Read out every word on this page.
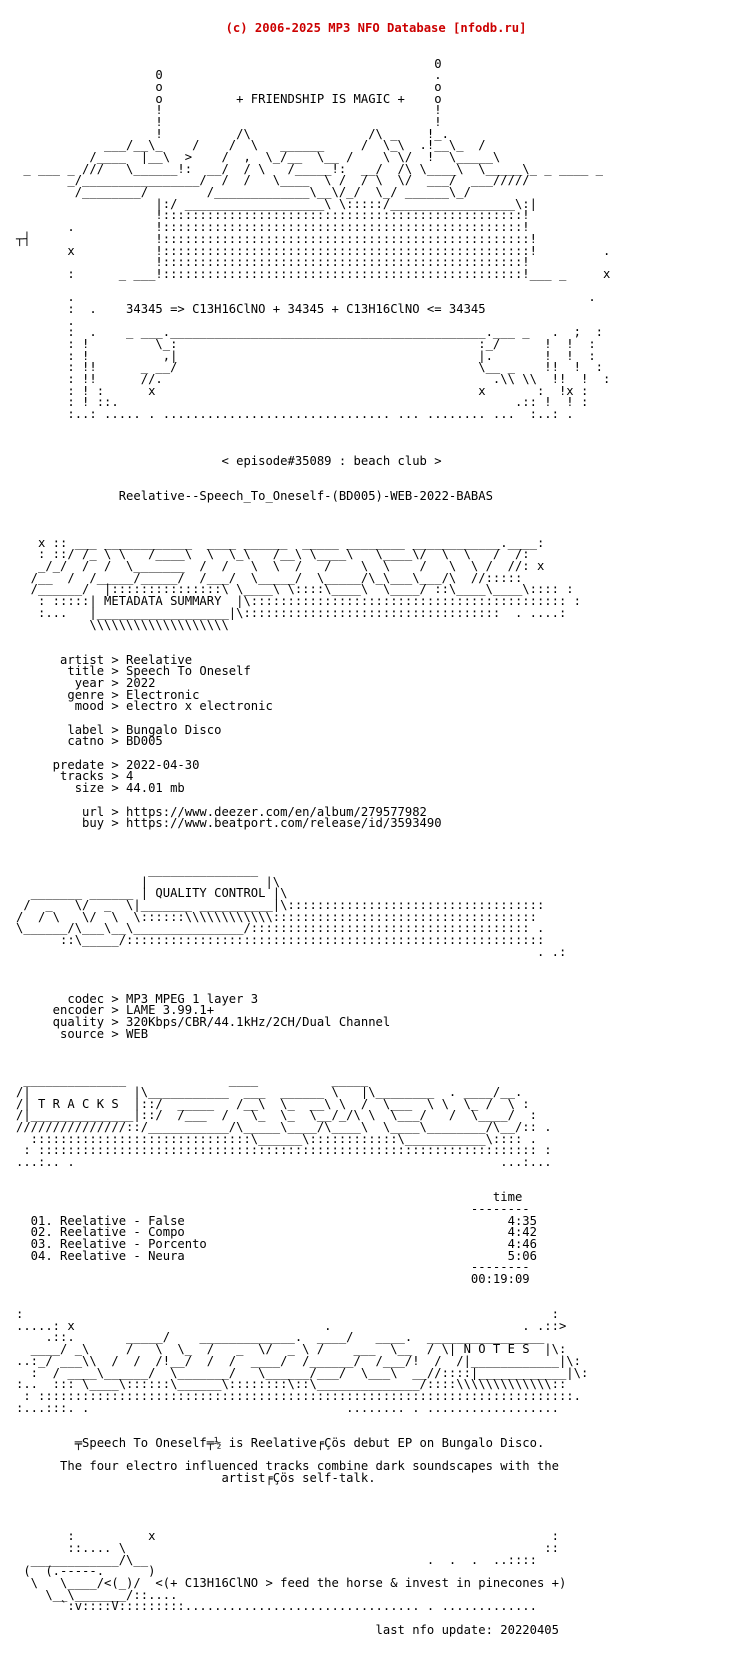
(c) 2006-2025 MP3 NFO Database [nfodb.ru]

0
0                                     .
o                                     o
o          + FRIENDSHIP IS MAGIC +    o
!                                     !
!                                     !
!          /\                /\ _    !_.
___/__\_    /    /  \   ______     /  \_\  .!__\_  /
/____  |__\  >    /  ,  \_/__  \__ /    \ \/  !  \_____\
_ ___ _ ///   \______!:  __/  / \   /_____!:  __/  /\ \____\  \_____\_ _ ____ _
_/________________/  /  /   \____  \ /  / \  \/  ___/  ___/////
/________/        /_____________\__\/_/  \_/ ______\_/
|:/ ___________________\ \:::::/_________________\:|
!:::::::::::::::::::::::::::::::::::::::::::::::::!
.           !:::::::::::::::::::::::::::::::::::::::::::::::::!
┬┤                 !::::::::::::::::::::::::::::::::::::::::::::::::::!
x           !::::::::::::::::::::::::::::::::::::::::::::::::::!         .
!:::::::::::::::::::::::::::::::::::::::::::::::::!
:      _ ___!:::::::::::::::::::::::::::::::::::::::::::::::::!___ _     x

.                                                                      .
:  .    34345 => C13H16ClNO + 34345 + C13H16ClNO <= 34345
.
:  .    _ ___.___________________________________________.___ _   .  ;  :
: !         \_:                                         :_/      !  !  :
: !          ,|                                         |.       !  !  :
: !!      _ __/                                         \__ _    !!  !  :
: !!      //.                                             .\\ \\  !!  !  :
: ! :      x                                            x       :  !x :
: ! ::.                                                      .:: !  ! :
:..: ..... . ............................... ... ........ ...  :..: .

< episode#35089 : beach club >

Reelative--Speech_To_Oneself-(BD005)-WEB-2022-BABAS

x :: ___ ____________  ____ ______  _____ ________ ____________.____:
: ::/ /_ \ \   /____\  \  \_\   /__\ \____\   \____\/  \  \   /  /:
_/_/  /  /  \_______  /  /   \  \  /   /    \  \    /   \  \ /  //: x
/__  /  /_____/_____/  /___/  \_____/  \_____/\_\___\___/\  //:::::
/______/  |:::::::::::::::\ \____\ \::::\____\  \____/ ::\____\____\:::: :
: :::::| METADATA SUMMARY  |\::::::::::::::::::::::::::::::::::::::::::: :
:...   |__________________|\:::::::::::::::::::::::::::::::::::  . ....:
\\\\\\\\\\\\\\\\\\\

artist > Reelative
title > Speech To Oneself
year > 2022
genre > Electronic
mood > electro x electronic

label > Bungalo Disco
catno > BD005

predate > 2022-04-30
tracks > 4
size > 44.01 mb

url > https://www.deezer.com/en/album/279577982
buy > https://www.beatport.com/release/id/3593490

_______________
|                |\
_______ ______ | QUALITY CONTROL |\
/  _   \/  _  \|_______ __________|\:::::::::::::::::::::::::::::::::::
/  / \   \/  \  \::::::\\\\\\\\\\\\::::::::::::::::::::::::::::::::::::
\______/\___\__\_______________/:::::::::::::::::::::::::::::::::::::: .
::\_____/:::::::::::::::::::::::::::::::::::::::::::::::::::::::::
. .:

codec > MP3 MPEG 1 layer 3
encoder > LAME 3.99.1+
quality > 320Kbps/CBR/44.1kHz/2CH/Dual Channel
source > WEB

______________              ____          _____
/|              |\___________  ___  ______ \   |\________  . ____/__.
/| T R A C K S  |::/  _____   /__\  \_  __\ \  /  \___  \ \  \_ /  \ :
/|______________|::/  /___  /   \_  \_  \__/_/\ \  \___/   /  \____/  :
///////////////::/___________/\_____\____/\____\  \____\________/\__/:: .
::::::::::::::::::::::::::::::\______\::::::::::::\___________\:::: .
: :::::::::::::::::::::::::::::::::::::::::::::::::::::::::::::::::::: :
...:.. .                                                          ...:...

time
--------
01. Reelative - False                                            4:35
02. Reelative - Compo                                            4:42
03. Reelative - Porcento                                         4:46
04. Reelative - Neura                                            5:06
--------
00:19:09

:                                                                        :
.....: x                                  .                          . .::>
.::.       _____/    _____________.  ____/   ____.  ________________
____/ _\     /   \  \_  /   _  \/  _ \ /    ___  \__  / \| N O T E S  |\:
..:_/ ___\\  /  /  /!__/  /  /  ____/  /______/  /___/!  /  /|____________|\:
:  / ____\______/  \_______/   \______/___/  \___\  __//::::|____________|\:
:..  ::: \____\::::::\______\::::::::\::\______________/::::\\\\\\\\\\\\\::
: :::::::::::::::::::::::::::::::::::::::::::::::::::::::::::::::::::::::::.
:...:::. .                                   ........ . ..................

╤Speech To Oneself╤½ is Reelative╒Çös debut EP on Bungalo Disco.

The four electro influenced tracks combine dark soundscapes with the
artist╒Çös self-talk.

:          x                                                      :
::.... \                                                         ::
____________/\__                                      .  .  .  ..::::
(  (.-----.      )
\   \____/<(_)/  <(+ C13H16ClNO > feed the horse & invest in pinecones +)
\__\_______/::....
`:v::::V:::::::::................................ . .............

last nfo update: 20220405
